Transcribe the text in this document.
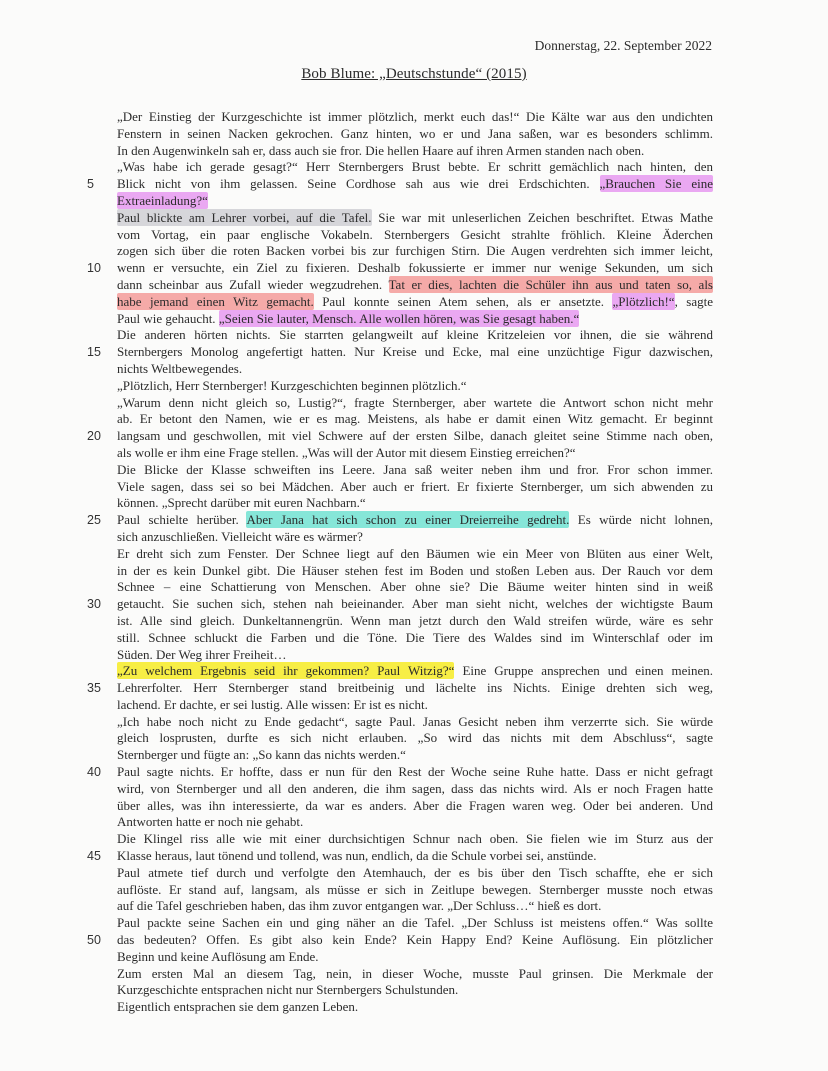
Donnerstag, 22. September 2022
Bob Blume: „Deutschstunde“ (2015)
„Der Einstieg der Kurzgeschichte ist immer plötzlich, merkt euch das!“ Die Kälte war aus den undichten
Fenstern in seinen Nacken gekrochen. Ganz hinten, wo er und Jana saßen, war es besonders schlimm.
In den Augenwinkeln sah er, dass auch sie fror. Die hellen Haare auf ihren Armen standen nach oben.
„Was habe ich gerade gesagt?“ Herr Sternbergers Brust bebte. Er schritt gemächlich nach hinten, den
5 Blick nicht von ihm gelassen. Seine Cordhose sah aus wie drei Erdschichten. „Brauchen Sie eine
Extraeinladung?“
Paul blickte am Lehrer vorbei, auf die Tafel. Sie war mit unleserlichen Zeichen beschriftet. Etwas Mathe
vom Vortag, ein paar englische Vokabeln. Sternbergers Gesicht strahlte fröhlich. Kleine Äderchen
zogen sich über die roten Backen vorbei bis zur furchigen Stirn. Die Augen verdrehten sich immer leicht,
10 wenn er versuchte, ein Ziel zu fixieren. Deshalb fokussierte er immer nur wenige Sekunden, um sich
dann scheinbar aus Zufall wieder wegzudrehen. Tat er dies, lachten die Schüler ihn aus und taten so, als
habe jemand einen Witz gemacht. Paul konnte seinen Atem sehen, als er ansetzte. „Plötzlich!“, sagte
Paul wie gehaucht. „Seien Sie lauter, Mensch. Alle wollen hören, was Sie gesagt haben.“
Die anderen hörten nichts. Sie starrten gelangweilt auf kleine Kritzeleien vor ihnen, die sie während
15 Sternbergers Monolog angefertigt hatten. Nur Kreise und Ecke, mal eine unzüchtige Figur dazwischen,
nichts Weltbewegendes.
„Plötzlich, Herr Sternberger! Kurzgeschichten beginnen plötzlich.“
„Warum denn nicht gleich so, Lustig?“, fragte Sternberger, aber wartete die Antwort schon nicht mehr
ab. Er betont den Namen, wie er es mag. Meistens, als habe er damit einen Witz gemacht. Er beginnt
20 langsam und geschwollen, mit viel Schwere auf der ersten Silbe, danach gleitet seine Stimme nach oben,
als wolle er ihm eine Frage stellen. „Was will der Autor mit diesem Einstieg erreichen?“
Die Blicke der Klasse schweiften ins Leere. Jana saß weiter neben ihm und fror. Fror schon immer.
Viele sagen, dass sei so bei Mädchen. Aber auch er friert. Er fixierte Sternberger, um sich abwenden zu
können. „Sprecht darüber mit euren Nachbarn.“
25 Paul schielte herüber. Aber Jana hat sich schon zu einer Dreierreihe gedreht. Es würde nicht lohnen,
sich anzuschließen. Vielleicht wäre es wärmer?
Er dreht sich zum Fenster. Der Schnee liegt auf den Bäumen wie ein Meer von Blüten aus einer Welt,
in der es kein Dunkel gibt. Die Häuser stehen fest im Boden und stoßen Leben aus. Der Rauch vor dem
Schnee – eine Schattierung von Menschen. Aber ohne sie? Die Bäume weiter hinten sind in weiß
30 getaucht. Sie suchen sich, stehen nah beieinander. Aber man sieht nicht, welches der wichtigste Baum
ist. Alle sind gleich. Dunkeltannengrün. Wenn man jetzt durch den Wald streifen würde, wäre es sehr
still. Schnee schluckt die Farben und die Töne. Die Tiere des Waldes sind im Winterschlaf oder im
Süden. Der Weg ihrer Freiheit…
„Zu welchem Ergebnis seid ihr gekommen? Paul Witzig?“ Eine Gruppe ansprechen und einen meinen.
35 Lehrerfolter. Herr Sternberger stand breitbeinig und lächelte ins Nichts. Einige drehten sich weg,
lachend. Er dachte, er sei lustig. Alle wissen: Er ist es nicht.
„Ich habe noch nicht zu Ende gedacht“, sagte Paul. Janas Gesicht neben ihm verzerrte sich. Sie würde
gleich losprusten, durfte es sich nicht erlauben. „So wird das nichts mit dem Abschluss“, sagte
Sternberger und fügte an: „So kann das nichts werden.“
40 Paul sagte nichts. Er hoffte, dass er nun für den Rest der Woche seine Ruhe hatte. Dass er nicht gefragt
wird, von Sternberger und all den anderen, die ihm sagen, dass das nichts wird. Als er noch Fragen hatte
über alles, was ihn interessierte, da war es anders. Aber die Fragen waren weg. Oder bei anderen. Und
Antworten hatte er noch nie gehabt.
Die Klingel riss alle wie mit einer durchsichtigen Schnur nach oben. Sie fielen wie im Sturz aus der
45 Klasse heraus, laut tönend und tollend, was nun, endlich, da die Schule vorbei sei, anstünde.
Paul atmete tief durch und verfolgte den Atemhauch, der es bis über den Tisch schaffte, ehe er sich
auflöste. Er stand auf, langsam, als müsse er sich in Zeitlupe bewegen. Sternberger musste noch etwas
auf die Tafel geschrieben haben, das ihm zuvor entgangen war. „Der Schluss…“ hieß es dort.
Paul packte seine Sachen ein und ging näher an die Tafel. „Der Schluss ist meistens offen.“ Was sollte
50 das bedeuten? Offen. Es gibt also kein Ende? Kein Happy End? Keine Auflösung. Ein plötzlicher
Beginn und keine Auflösung am Ende.
Zum ersten Mal an diesem Tag, nein, in dieser Woche, musste Paul grinsen. Die Merkmale der
Kurzgeschichte entsprachen nicht nur Sternbergers Schulstunden.
Eigentlich entsprachen sie dem ganzen Leben.
